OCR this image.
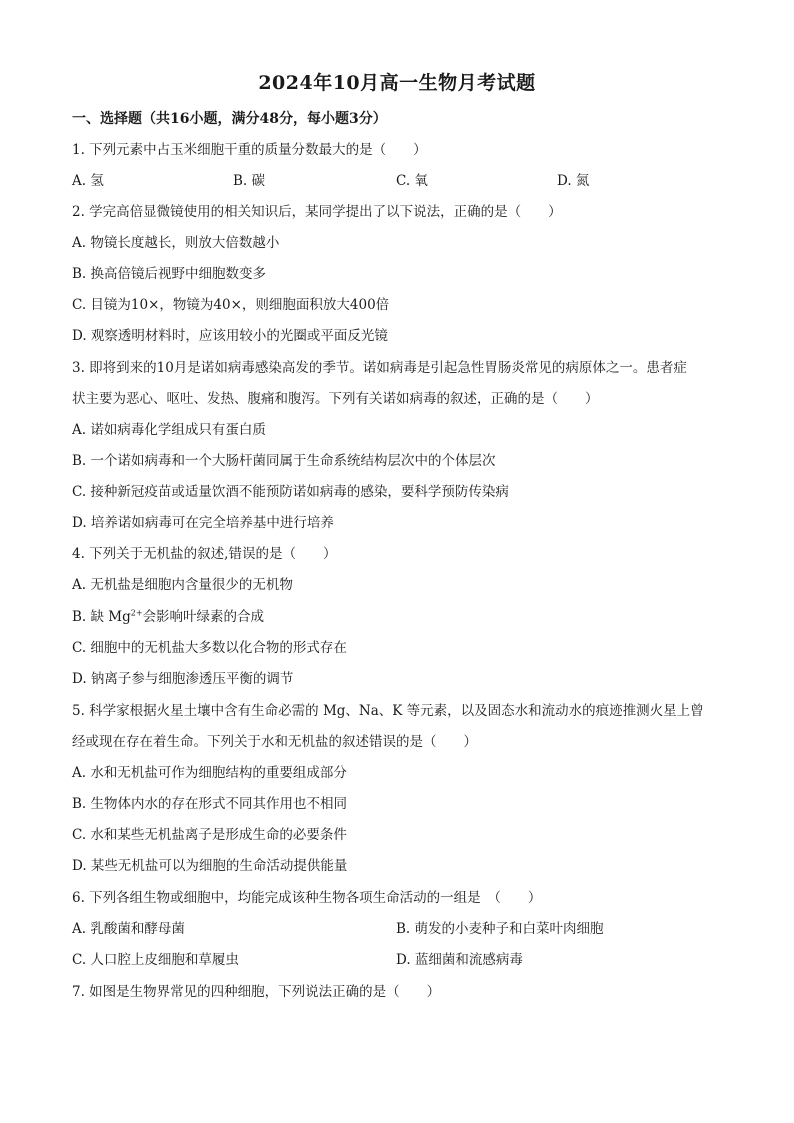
2024年10月高一生物月考试题
一、选择题（共16小题，满分48分，每小题3分）
1. 下列元素中占玉米细胞干重的质量分数最大的是（　　）
A. 氢	B. 碳	C. 氧	D. 氮
2. 学完高倍显微镜使用的相关知识后，某同学提出了以下说法，正确的是（　　）
A. 物镜长度越长，则放大倍数越小
B. 换高倍镜后视野中细胞数变多
C. 目镜为10×，物镜为40×，则细胞面积放大400倍
D. 观察透明材料时，应该用较小的光圈或平面反光镜
3. 即将到来的10月是诺如病毒感染高发的季节。诺如病毒是引起急性胃肠炎常见的病原体之一。患者症
状主要为恶心、呕吐、发热、腹痛和腹泻。下列有关诺如病毒的叙述，正确的是（　　）
A. 诺如病毒化学组成只有蛋白质
B. 一个诺如病毒和一个大肠杆菌同属于生命系统结构层次中的个体层次
C. 接种新冠疫苗或适量饮酒不能预防诺如病毒的感染，要科学预防传染病
D. 培养诺如病毒可在完全培养基中进行培养
4. 下列关于无机盐的叙述,错误的是（　　）
A. 无机盐是细胞内含量很少的无机物
B. 缺 $Mg^{2+}$会影响叶绿素的合成
C. 细胞中的无机盐大多数以化合物的形式存在
D. 钠离子参与细胞渗透压平衡的调节
5. 科学家根据火星土壤中含有生命必需的 Mg、Na、K 等元素，以及固态水和流动水的痕迹推测火星上曾
经或现在存在着生命。下列关于水和无机盐的叙述错误的是（　　）
A. 水和无机盐可作为细胞结构的重要组成部分
B. 生物体内水的存在形式不同其作用也不相同
C. 水和某些无机盐离子是形成生命的必要条件
D. 某些无机盐可以为细胞的生命活动提供能量
6. 下列各组生物或细胞中，均能完成该种生物各项生命活动的一组是　（　　）
A. 乳酸菌和酵母菌	B. 萌发的小麦种子和白菜叶肉细胞
C. 人口腔上皮细胞和草履虫	D. 蓝细菌和流感病毒
7. 如图是生物界常见的四种细胞，下列说法正确的是（　　）
